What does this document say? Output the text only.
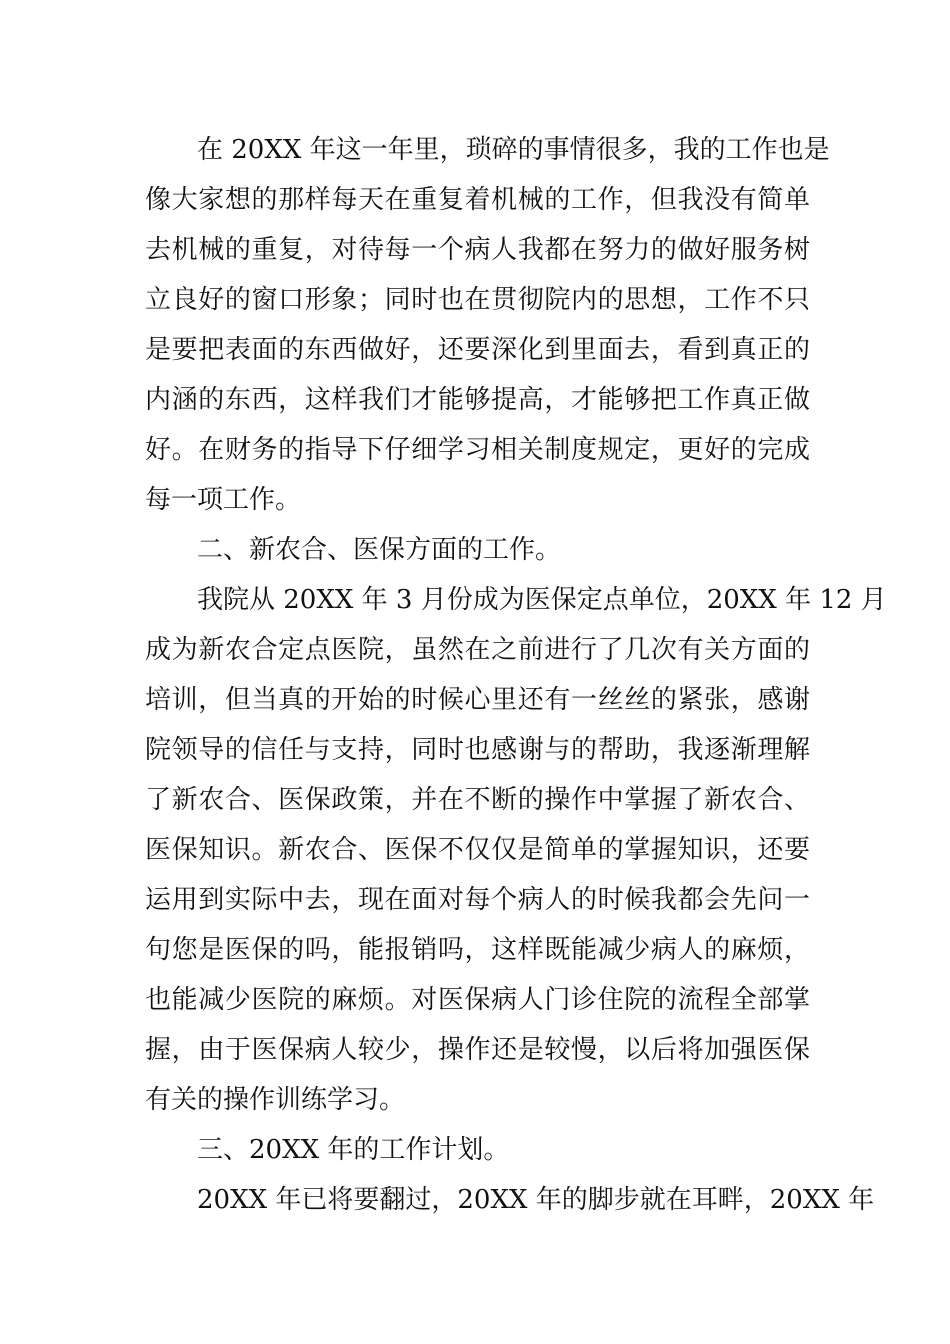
在 20XX 年这一年里，琐碎的事情很多，我的工作也是
像大家想的那样每天在重复着机械的工作，但我没有简单
去机械的重复，对待每一个病人我都在努力的做好服务树
立良好的窗口形象；同时也在贯彻院内的思想，工作不只
是要把表面的东西做好，还要深化到里面去，看到真正的
内涵的东西，这样我们才能够提高，才能够把工作真正做
好。在财务的指导下仔细学习相关制度规定，更好的完成
每一项工作。
二、新农合、医保方面的工作。
我院从 20XX 年 3 月份成为医保定点单位，20XX 年 12 月
成为新农合定点医院，虽然在之前进行了几次有关方面的
培训，但当真的开始的时候心里还有一丝丝的紧张，感谢
院领导的信任与支持，同时也感谢与的帮助，我逐渐理解
了新农合、医保政策，并在不断的操作中掌握了新农合、
医保知识。新农合、医保不仅仅是简单的掌握知识，还要
运用到实际中去，现在面对每个病人的时候我都会先问一
句您是医保的吗，能报销吗，这样既能减少病人的麻烦，
也能减少医院的麻烦。对医保病人门诊住院的流程全部掌
握，由于医保病人较少，操作还是较慢，以后将加强医保
有关的操作训练学习。
三、20XX 年的工作计划。
20XX 年已将要翻过，20XX 年的脚步就在耳畔，20XX 年
